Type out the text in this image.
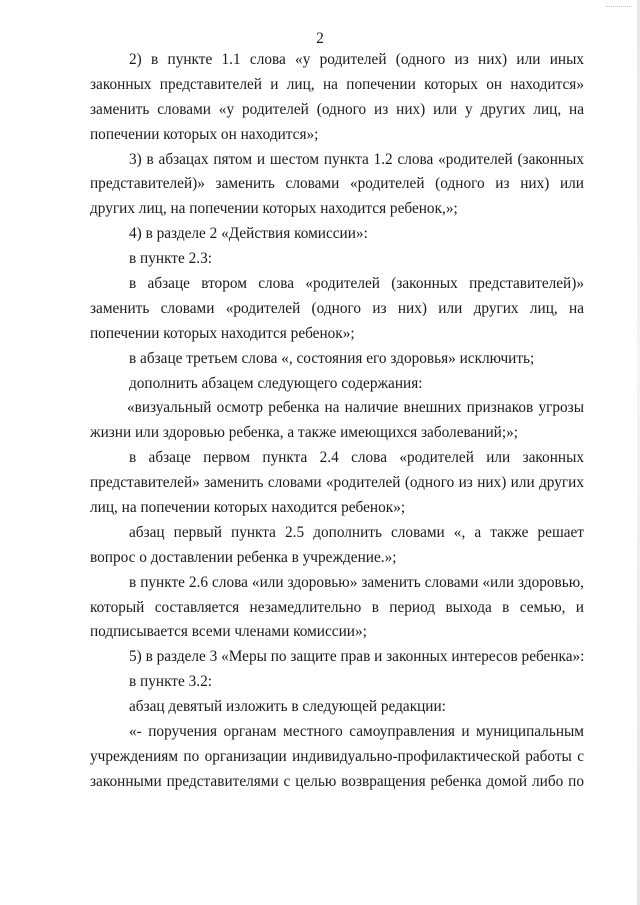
2
2) в пункте 1.1 слова «у родителей (одного из них) или иных
законных представителей и лиц, на попечении которых он находится»
заменить словами «у родителей (одного из них) или у других лиц, на
попечении которых он находится»;
3) в абзацах пятом и шестом пункта 1.2 слова «родителей (законных
представителей)» заменить словами «родителей (одного из них) или
других лиц, на попечении которых находится ребенок,»;
4) в разделе 2 «Действия комиссии»:
в пункте 2.3:
в абзаце втором слова «родителей (законных представителей)»
заменить словами «родителей (одного из них) или других лиц, на
попечении которых находится ребенок»;
в абзаце третьем слова «, состояния его здоровья» исключить;
дополнить абзацем следующего содержания:
«визуальный осмотр ребенка на наличие внешних признаков угрозы
жизни или здоровью ребенка, а также имеющихся заболеваний;»;
в абзаце первом пункта 2.4 слова «родителей или законных
представителей» заменить словами «родителей (одного из них) или других
лиц, на попечении которых находится ребенок»;
абзац первый пункта 2.5 дополнить словами «, а также решает
вопрос о доставлении ребенка в учреждение.»;
в пункте 2.6 слова «или здоровью» заменить словами «или здоровью,
который составляется незамедлительно в период выхода в семью, и
подписывается всеми членами комиссии»;
5) в разделе 3 «Меры по защите прав и законных интересов ребенка»:
в пункте 3.2:
абзац девятый изложить в следующей редакции:
«- поручения органам местного самоуправления и муниципальным
учреждениям по организации индивидуально-профилактической работы с
законными представителями с целью возвращения ребенка домой либо по
